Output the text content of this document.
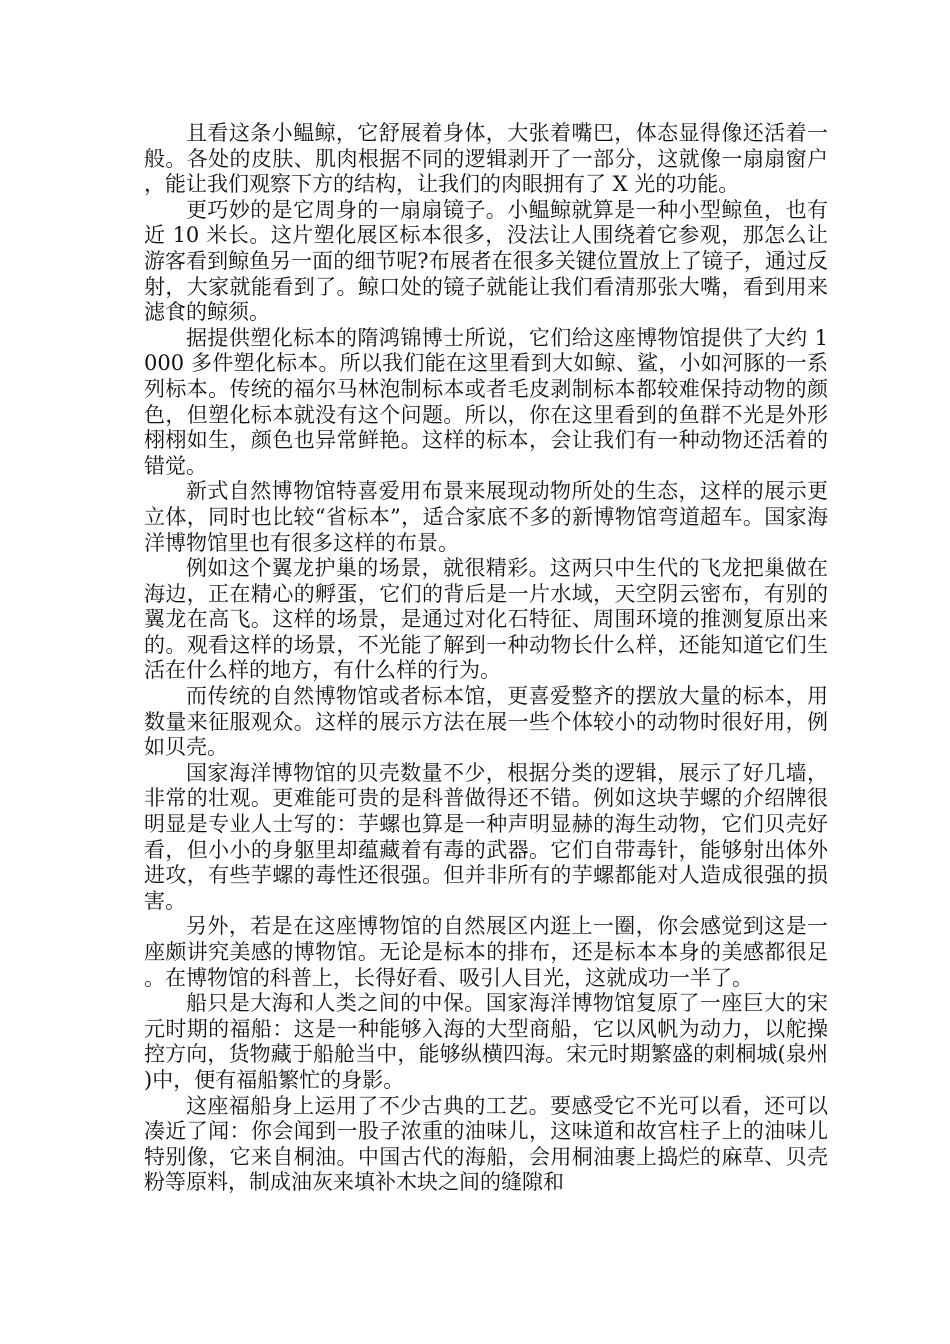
且看这条小鳁鲸，它舒展着身体，大张着嘴巴，体态显得像还活着一般。各处的皮肤、肌肉根据不同的逻辑剥开了一部分，这就像一扇扇窗户，能让我们观察下方的结构，让我们的肉眼拥有了 X 光的功能。

更巧妙的是它周身的一扇扇镜子。小鳁鲸就算是一种小型鲸鱼，也有近 10 米长。这片塑化展区标本很多，没法让人围绕着它参观，那怎么让游客看到鲸鱼另一面的细节呢?布展者在很多关键位置放上了镜子，通过反射，大家就能看到了。鲸口处的镜子就能让我们看清那张大嘴，看到用来滤食的鲸须。

据提供塑化标本的隋鸿锦博士所说，它们给这座博物馆提供了大约 1000 多件塑化标本。所以我们能在这里看到大如鲸、鲨，小如河豚的一系列标本。传统的福尔马林泡制标本或者毛皮剥制标本都较难保持动物的颜色，但塑化标本就没有这个问题。所以，你在这里看到的鱼群不光是外形栩栩如生，颜色也异常鲜艳。这样的标本，会让我们有一种动物还活着的错觉。

新式自然博物馆特喜爱用布景来展现动物所处的生态，这样的展示更立体，同时也比较“省标本”，适合家底不多的新博物馆弯道超车。国家海洋博物馆里也有很多这样的布景。

例如这个翼龙护巢的场景，就很精彩。这两只中生代的飞龙把巢做在海边，正在精心的孵蛋，它们的背后是一片水域，天空阴云密布，有别的翼龙在高飞。这样的场景，是通过对化石特征、周围环境的推测复原出来的。观看这样的场景，不光能了解到一种动物长什么样，还能知道它们生活在什么样的地方，有什么样的行为。

而传统的自然博物馆或者标本馆，更喜爱整齐的摆放大量的标本，用数量来征服观众。这样的展示方法在展一些个体较小的动物时很好用，例如贝壳。

国家海洋博物馆的贝壳数量不少，根据分类的逻辑，展示了好几墙，非常的壮观。更难能可贵的是科普做得还不错。例如这块芋螺的介绍牌很明显是专业人士写的：芋螺也算是一种声明显赫的海生动物，它们贝壳好看，但小小的身躯里却蕴藏着有毒的武器。它们自带毒针，能够射出体外进攻，有些芋螺的毒性还很强。但并非所有的芋螺都能对人造成很强的损害。

另外，若是在这座博物馆的自然展区内逛上一圈，你会感觉到这是一座颇讲究美感的博物馆。无论是标本的排布，还是标本本身的美感都很足。在博物馆的科普上，长得好看、吸引人目光，这就成功一半了。

船只是大海和人类之间的中保。国家海洋博物馆复原了一座巨大的宋元时期的福船：这是一种能够入海的大型商船，它以风帆为动力，以舵操控方向，货物藏于船舱当中，能够纵横四海。宋元时期繁盛的刺桐城(泉州)中，便有福船繁忙的身影。

这座福船身上运用了不少古典的工艺。要感受它不光可以看，还可以凑近了闻：你会闻到一股子浓重的油味儿，这味道和故宫柱子上的油味儿特别像，它来自桐油。中国古代的海船，会用桐油裹上捣烂的麻草、贝壳粉等原料，制成油灰来填补木块之间的缝隙和
